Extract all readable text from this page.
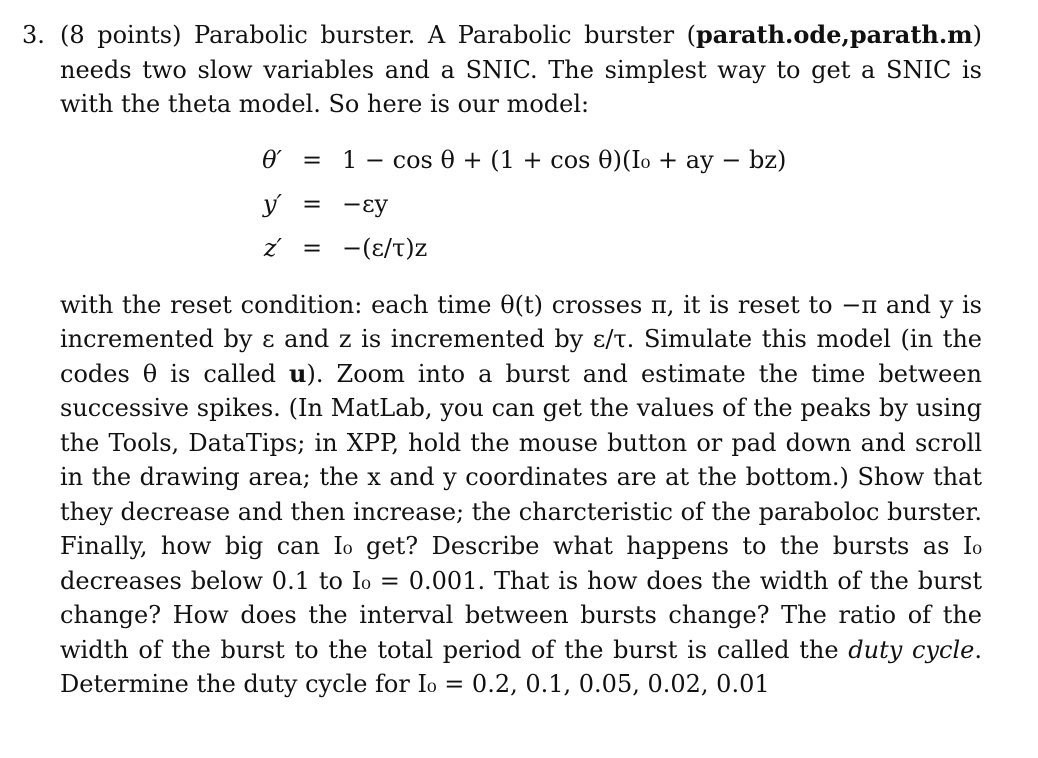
3. (8 points) Parabolic burster. A Parabolic burster (parath.ode,parath.m) needs two slow variables and a SNIC. The simplest way to get a SNIC is with the theta model. So here is our model:

θ′ = 1 − cos θ + (1 + cos θ)(I₀ + ay − bz)
y′ = −εy
z′ = −(ε/τ)z

with the reset condition: each time θ(t) crosses π, it is reset to −π and y is incremented by ε and z is incremented by ε/τ. Simulate this model (in the codes θ is called u). Zoom into a burst and estimate the time between successive spikes. (In MatLab, you can get the values of the peaks by using the Tools, DataTips; in XPP, hold the mouse button or pad down and scroll in the drawing area; the x and y coordinates are at the bottom.) Show that they decrease and then increase; the charcteristic of the paraboloc burster. Finally, how big can I₀ get? Describe what happens to the bursts as I₀ decreases below 0.1 to I₀ = 0.001. That is how does the width of the burst change? How does the interval between bursts change? The ratio of the width of the burst to the total period of the burst is called the duty cycle. Determine the duty cycle for I₀ = 0.2, 0.1, 0.05, 0.02, 0.01
